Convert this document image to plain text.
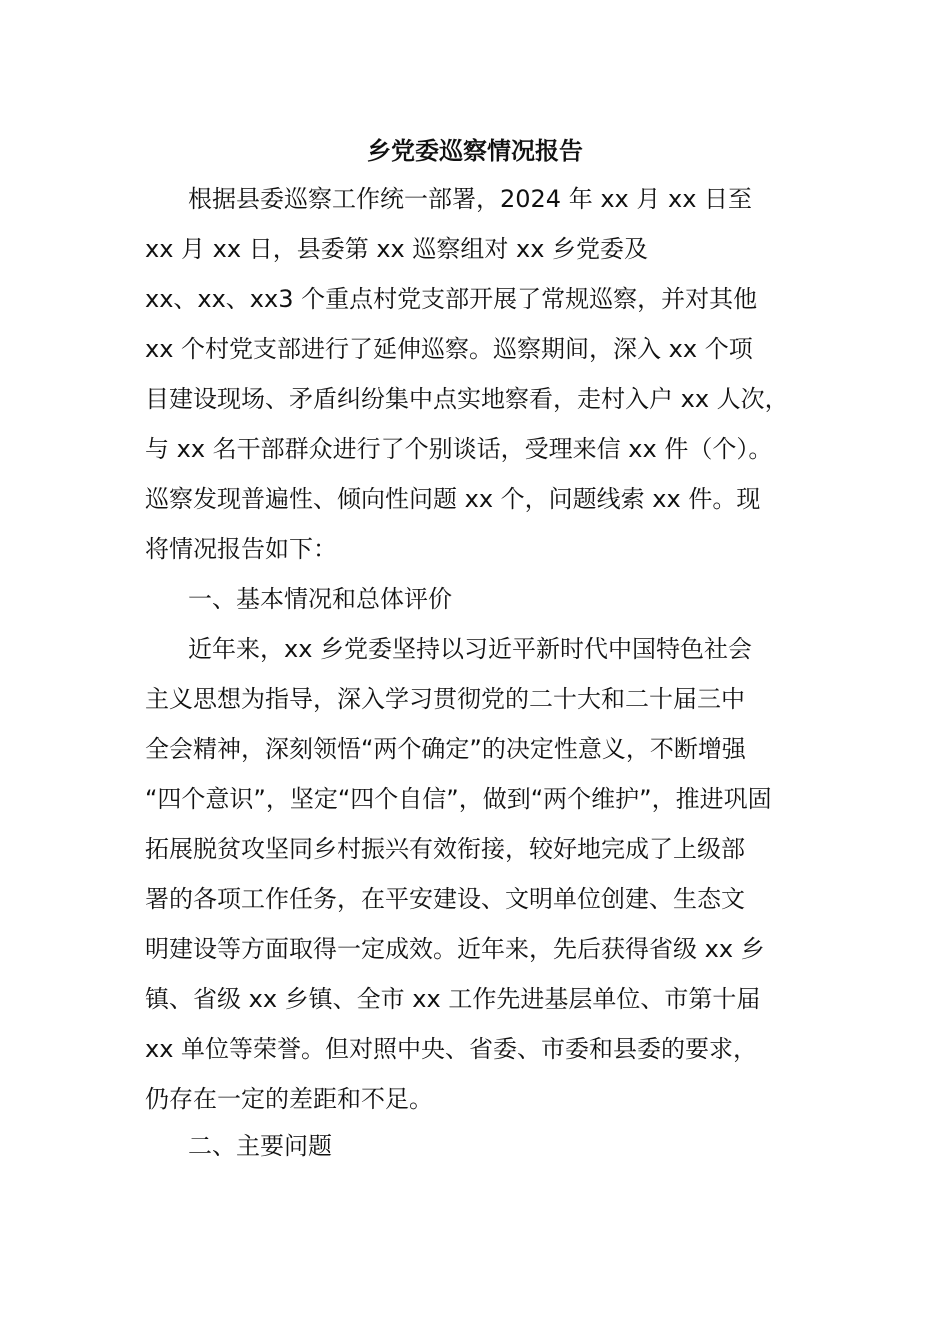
乡党委巡察情况报告
根据县委巡察工作统一部署，2024 年 xx 月 xx 日至
xx 月 xx 日，县委第 xx 巡察组对 xx 乡党委及
xx、xx、xx3 个重点村党支部开展了常规巡察，并对其他
xx 个村党支部进行了延伸巡察。巡察期间，深入 xx 个项
目建设现场、矛盾纠纷集中点实地察看，走村入户 xx 人次，
与 xx 名干部群众进行了个别谈话，受理来信 xx 件（个）。
巡察发现普遍性、倾向性问题 xx 个，问题线索 xx 件。现
将情况报告如下：
一、基本情况和总体评价
近年来，xx 乡党委坚持以习近平新时代中国特色社会
主义思想为指导，深入学习贯彻党的二十大和二十届三中
全会精神，深刻领悟“两个确定”的决定性意义，不断增强
“四个意识”，坚定“四个自信”，做到“两个维护”，推进巩固
拓展脱贫攻坚同乡村振兴有效衔接，较好地完成了上级部
署的各项工作任务，在平安建设、文明单位创建、生态文
明建设等方面取得一定成效。近年来，先后获得省级 xx 乡
镇、省级 xx 乡镇、全市 xx 工作先进基层单位、市第十届
xx 单位等荣誉。但对照中央、省委、市委和县委的要求，
仍存在一定的差距和不足。
二、主要问题
